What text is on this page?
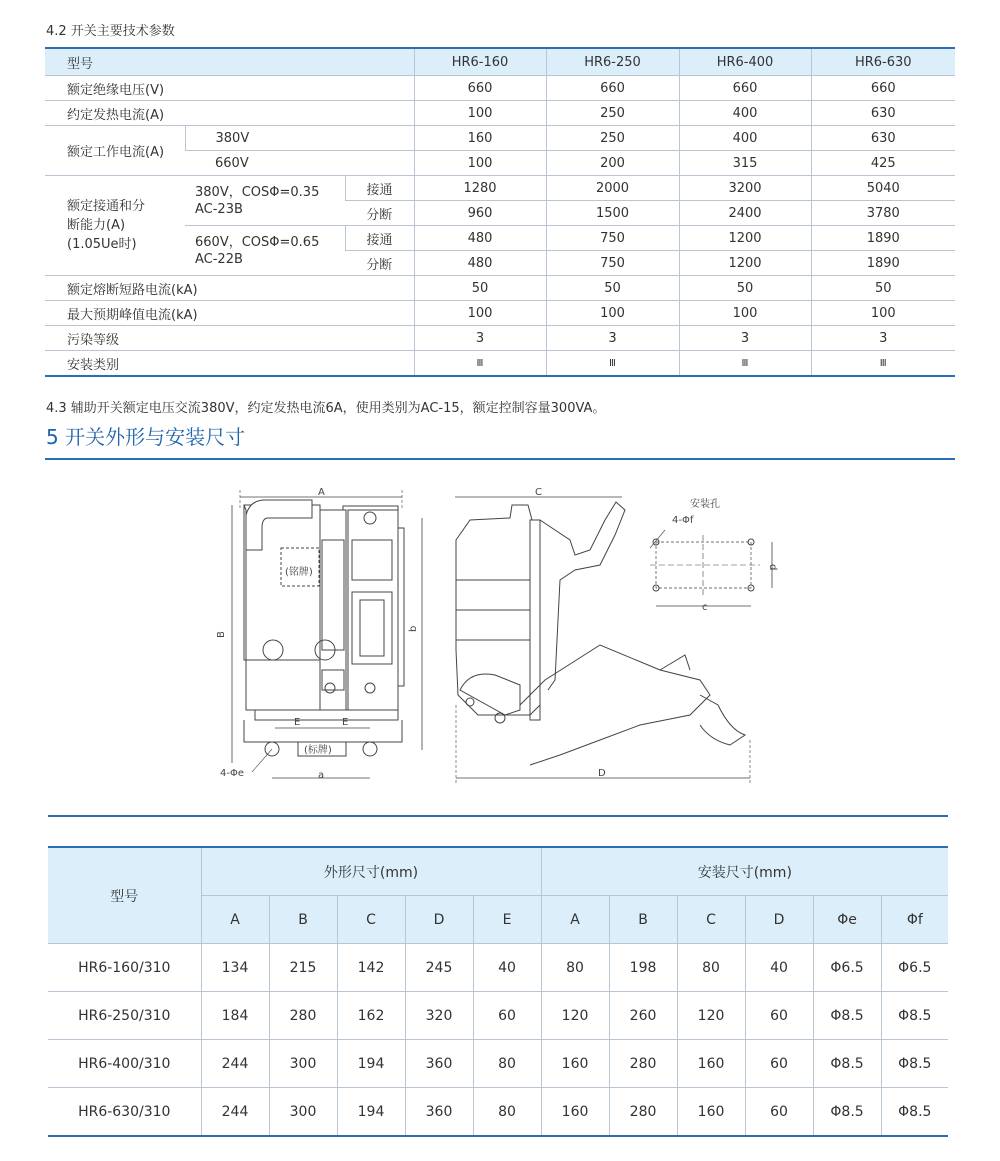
4.2 开关主要技术参数
型号			HR6-160	HR6-250	HR6-400	HR6-630
额定绝缘电压(V)			660	660	660	660
约定发热电流(A)			100	250	400	630
额定工作电流(A)	380V		160	250	400	630
	660V		100	200	315	425
额定接通和分断能力(A)(1.05Ue时)	380V，COSΦ=0.35 AC-23B	接通	1280	2000	3200	5040
		分断	960	1500	2400	3780
	660V，COSΦ=0.65 AC-22B	接通	480	750	1200	1890
		分断	480	750	1200	1890
额定熔断短路电流(kA)			50	50	50	50
最大预期峰值电流(kA)			100	100	100	100
污染等级			3	3	3	3
安装类别			Ⅲ	Ⅲ	Ⅲ	Ⅲ
4.3 辅助开关额定电压交流380V，约定发热电流6A，使用类别为AC-15，额定控制容量300VA。
5 开关外形与安装尺寸
A
(铭牌)
(标牌)
E	E
B
b
a
4-Φe
C
D
安装孔
4-Φf
c
d
型号	外形尺寸(mm)					安装尺寸(mm)					
	A	B	C	D	E	A	B	C	D	Φe	Φf
HR6-160/310	134	215	142	245	40	80	198	80	40	Φ6.5	Φ6.5
HR6-250/310	184	280	162	320	60	120	260	120	60	Φ8.5	Φ8.5
HR6-400/310	244	300	194	360	80	160	280	160	60	Φ8.5	Φ8.5
HR6-630/310	244	300	194	360	80	160	280	160	60	Φ8.5	Φ8.5
